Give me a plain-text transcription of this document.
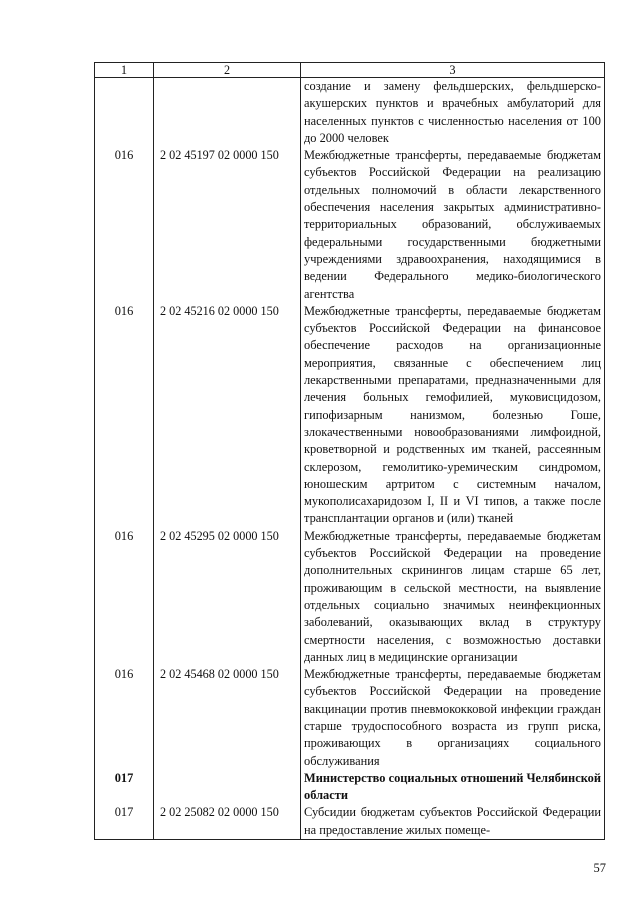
1	2	3
		создание и замену фельдшерских, фельдшерско-акушерских пунктов и врачебных амбулаторий для населенных пунктов с численностью населения от 100 до 2000 человек
016	2 02 45197 02 0000 150	Межбюджетные трансферты, передаваемые бюджетам субъектов Российской Федерации на реализацию отдельных полномочий в области лекарственного обеспечения населения закрытых административно-территориальных образований, обслуживаемых федеральными государственными бюджетными учреждениями здравоохранения, находящимися в ведении Федерального медико-биологического агентства
016	2 02 45216 02 0000 150	Межбюджетные трансферты, передаваемые бюджетам субъектов Российской Федерации на финансовое обеспечение расходов на организационные мероприятия, связанные с обеспечением лиц лекарственными препаратами, предназначенными для лечения больных гемофилией, муковисцидозом, гипофизарным нанизмом, болезнью Гоше, злокачественными новообразованиями лимфоидной, кроветворной и родственных им тканей, рассеянным склерозом, гемолитико-уремическим синдромом, юношеским артритом с системным началом, мукополисахаридозом I, II и VI типов, а также после трансплантации органов и (или) тканей
016	2 02 45295 02 0000 150	Межбюджетные трансферты, передаваемые бюджетам субъектов Российской Федерации на проведение дополнительных скринингов лицам старше 65 лет, проживающим в сельской местности, на выявление отдельных социально значимых неинфекционных заболеваний, оказывающих вклад в структуру смертности населения, с возможностью доставки данных лиц в медицинские организации
016	2 02 45468 02 0000 150	Межбюджетные трансферты, передаваемые бюджетам субъектов Российской Федерации на проведение вакцинации против пневмококковой инфекции граждан старше трудоспособного возраста из групп риска, проживающих в организациях социального обслуживания
017		Министерство социальных отношений Челябинской области
017	2 02 25082 02 0000 150	Субсидии бюджетам субъектов Российской Федерации на предоставление жилых помеще-
57
